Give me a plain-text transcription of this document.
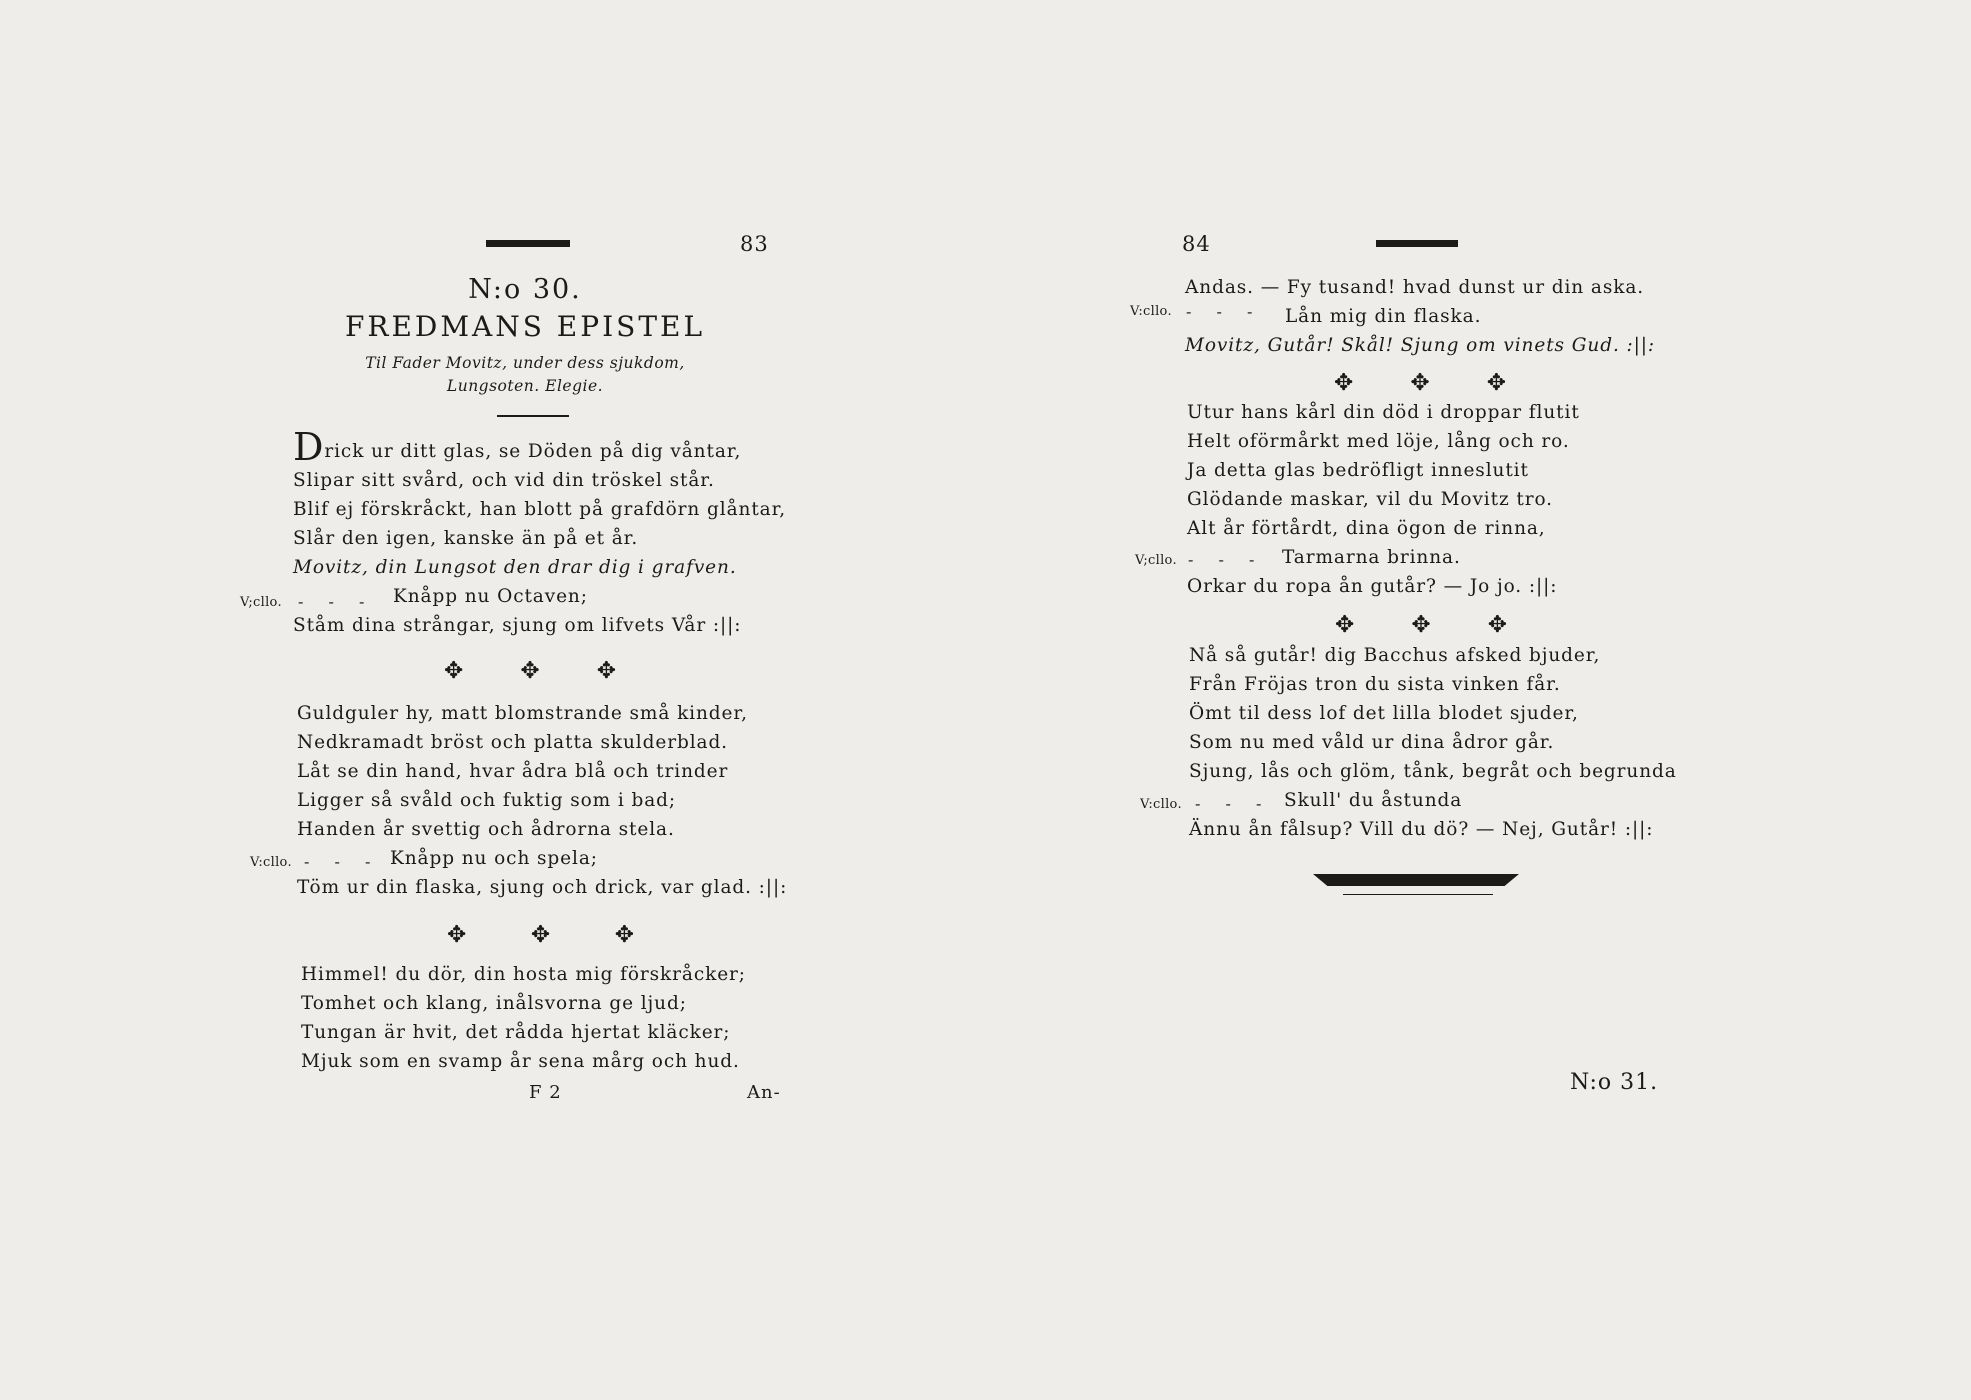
83
N:o 30.
FREDMANS EPISTEL
Til Fader Movitz, under dess sjukdom,
Lungsoten. Elegie.
Drick ur ditt glas, se Döden på dig våntar,
Slipar sitt svård, och vid din tröskel står.
Blif ej förskråckt, han blott på grafdörn glåntar,
Slår den igen, kanske än på et år.
Movitz, din Lungsot den drar dig i grafven.
Knåpp nu Octaven;
Ståm dina strångar, sjung om lifvets Vår :||:
V;cllo. - - -
✥ ✥ ✥
Guldguler hy, matt blomstrande små kinder,
Nedkramadt bröst och platta skulderblad.
Låt se din hand, hvar ådra blå och trinder
Ligger så svåld och fuktig som i bad;
Handen år svettig och ådrorna stela.
Knåpp nu och spela;
Töm ur din flaska, sjung och drick, var glad. :||:
V:cllo. - - -
✥	✥	✥
Himmel! du dör, din hosta mig förskråcker;
Tomhet och klang, inålsvorna ge ljud;
Tungan är hvit, det rådda hjertat kläcker;
Mjuk som en svamp år sena mårg och hud.
F 2	An-
84
Andas. — Fy tusand! hvad dunst ur din aska.
Lån mig din flaska.
Movitz, Gutår! Skål! Sjung om vinets Gud. :||:
V:cllo. - - -
✥ ✥ ✥
Utur hans kårl din död i droppar flutit
Helt oförmårkt med löje, lång och ro.
Ja detta glas bedröfligt inneslutit
Glödande maskar, vil du Movitz tro.
Alt år förtårdt, dina ögon de rinna,
Tarmarna brinna.
Orkar du ropa ån gutår? — Jo jo. :||:
V;cllo. - - -
✥ ✥ ✥
Nå så gutår! dig Bacchus afsked bjuder,
Från Fröjas tron du sista vinken får.
Ömt til dess lof det lilla blodet sjuder,
Som nu med våld ur dina ådror går.
Sjung, lås och glöm, tånk, begråt och begrunda
Skull' du åstunda
Ännu ån fålsup? Vill du dö? — Nej, Gutår! :||:
V:cllo. - - -
N:o 31.
